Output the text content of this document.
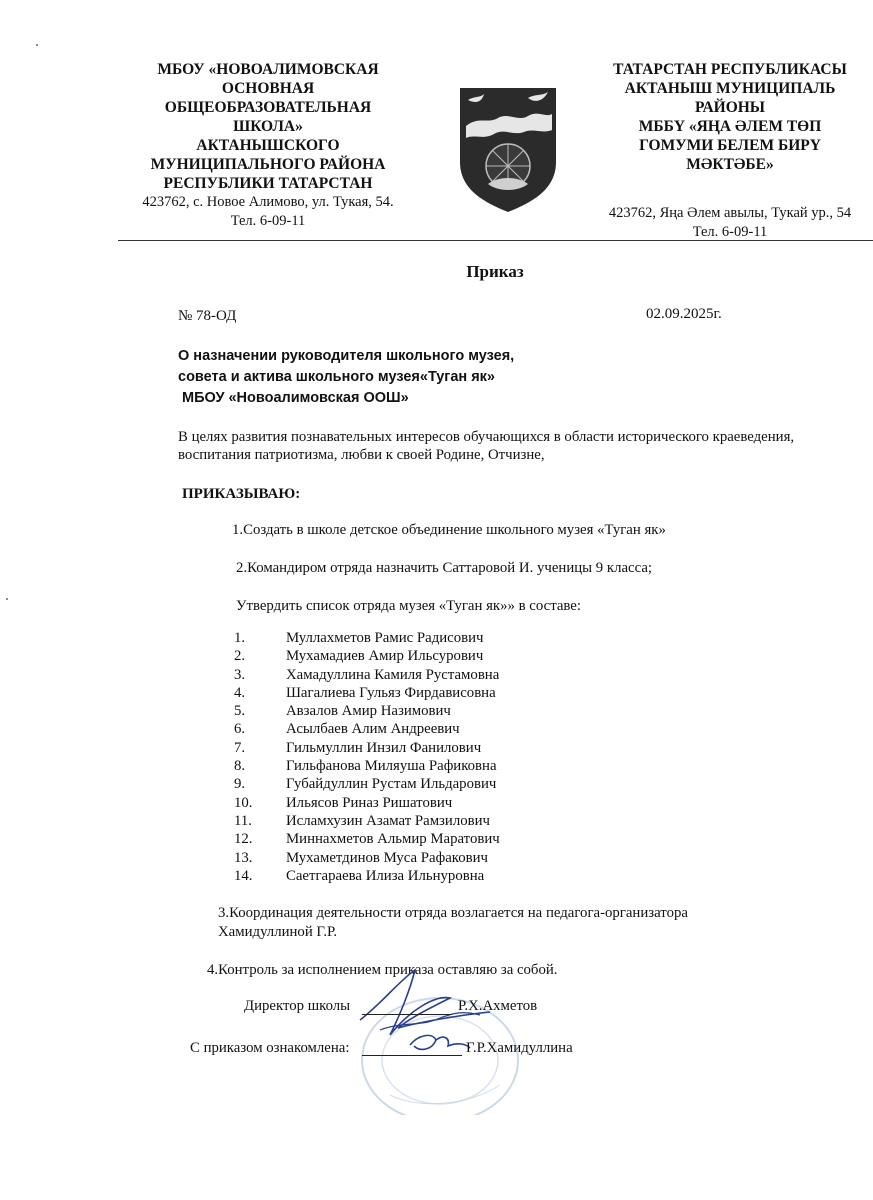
МБОУ «НОВОАЛИМОВСКАЯ
ОСНОВНАЯ
ОБЩЕОБРАЗОВАТЕЛЬНАЯ
ШКОЛА»
АКТАНЫШСКОГО
МУНИЦИПАЛЬНОГО РАЙОНА
РЕСПУБЛИКИ ТАТАРСТАН
423762, с. Новое Алимово, ул. Тукая, 54.
Тел. 6-09-11
ТАТАРСТАН РЕСПУБЛИКАСЫ
АКТАНЫШ МУНИЦИПАЛЬ
РАЙОНЫ
МББҮ «ЯҢА ӘЛЕМ ТӨП
ГОМУМИ БЕЛЕМ БИРҮ
МӘКТӘБЕ»
423762, Яңа Әлем авылы, Тукай ур., 54
Тел. 6-09-11
Приказ
№ 78-ОД	02.09.2025г.
О назначении руководителя школьного музея,
совета и актива школьного музея«Туган як»
МБОУ «Новоалимовская ООШ»
В целях развития познавательных интересов обучающихся в области исторического краеведения, воспитания патриотизма, любви к своей Родине, Отчизне,
ПРИКАЗЫВАЮ:
1.Создать в школе детское объединение школьного музея «Туган як»
2.Командиром отряда назначить Саттаровой И. ученицы 9 класса;
Утвердить список отряда музея «Туган як»» в составе:
1.	Муллахметов Рамис Радисович
2.	Мухамадиев Амир Ильсурович
3.	Хамадуллина Камиля Рустамовна
4.	Шагалиева Гульяз Фирдависовна
5.	Авзалов Амир Назимович
6.	Асылбаев Алим Андреевич
7.	Гильмуллин Инзил Фанилович
8.	Гильфанова Миляуша Рафиковна
9.	Губайдуллин Рустам Ильдарович
10. Ильясов Риназ Ришатович
11. Исламхузин Азамат Рамзилович
12. Миннахметов Альмир Маратович
13. Мухаметдинов Муса Рафакович
14. Саетгараева Илиза Ильнуровна
3.Координация деятельности отряда возлагается на педагога-организатора Хамидуллиной Г.Р.
4.Контроль за исполнением приказа оставляю за собой.
Директор школы	Р.Х.Ахметов
С приказом ознакомлена:	Г.Р.Хамидуллина
